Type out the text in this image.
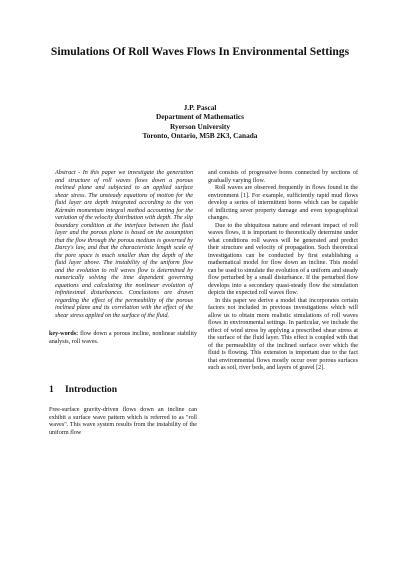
Simulations Of Roll Waves Flows In Environmental Settings
J.P. Pascal
Department of Mathematics
Ryerson University
Toronto, Ontario, M5B 2K3, Canada

Abstract - In this paper we investigate the generation and structure of roll waves flows down a porous inclined plane and subjected to an applied surface shear stress. The unsteady equations of motion for the fluid layer are depth integrated according to the von Kármán momentum integral method accounting for the variation of the velocity distribution with depth. The slip boundary condition at the interface between the fluid layer and the porous plane is based on the assumption that the flow through the porous medium is governed by Darcy's law, and that the characteristic length scale of the pore space is much smaller than the depth of the fluid layer above. The instability of the uniform flow and the evolution to roll waves flow is determined by numerically solving the time dependent governing equations and calculating the nonlinear evolution of infinitesimal disturbances. Conclusions are drawn regarding the effect of the permeability of the porous inclined plane and its correlation with the effect of the shear stress applied on the surface of the fluid.

key-words: flow down a porous incline, nonlinear stability analysis, roll waves.

1 Introduction

Free-surface gravity-driven flows down an incline can exhibit a surface wave pattern which is referred to as "roll waves". This wave system results from the instability of the uniform flow

and consists of progressive bores connected by sections of gradually varying flow.

Roll waves are observed frequently in flows found in the environment [1]. For example, sufficiently rapid mud flows develop a series of intermittent bores which can be capable of inflicting sever property damage and even topographical changes.

Due to the ubiquitous nature and relevant impact of roll waves flows, it is important to theoretically determine under what conditions roll waves will be generated and predict their structure and velocity of propagation. Such theoretical investigations can be conducted by first establishing a mathematical model for flow down an incline. This model can be used to simulate the evolution of a uniform and steady flow perturbed by a small disturbance. If the perturbed flow develops into a secondary quasi-steady flow the simulation depicts the expected roll waves flow.

In this paper we derive a model that incorporates certain factors not included in previous investigations which will allow us to obtain more realistic simulations of roll waves flows in environmental settings. In particular, we include the effect of wind stress by applying a prescribed shear stress at the surface of the fluid layer. This effect is coupled with that of the permeability of the inclined surface over which the fluid is flowing. This extension is important due to the fact that environmental flows mostly occur over porous surfaces such as soil, river beds, and layers of gravel [2].
